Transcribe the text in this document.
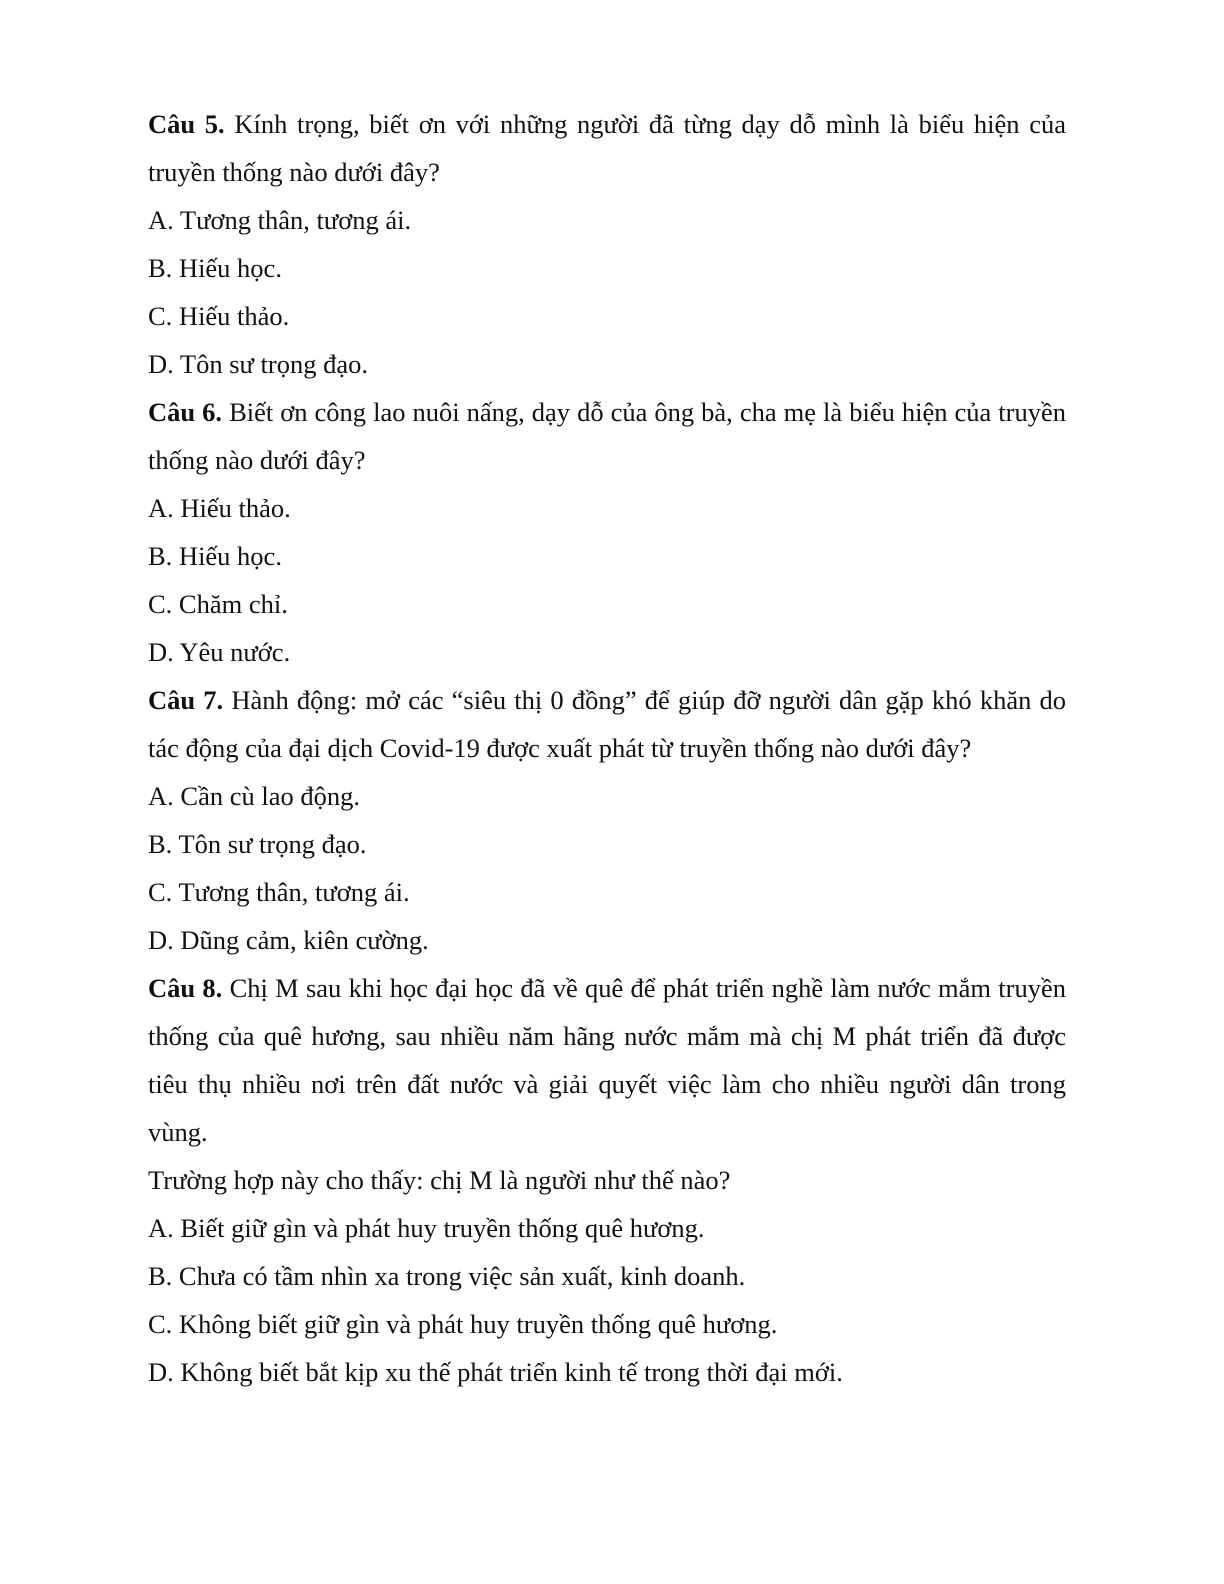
Câu 5. Kính trọng, biết ơn với những người đã từng dạy dỗ mình là biểu hiện của truyền thống nào dưới đây?
A. Tương thân, tương ái.
B. Hiếu học.
C. Hiếu thảo.
D. Tôn sư trọng đạo.
Câu 6. Biết ơn công lao nuôi nấng, dạy dỗ của ông bà, cha mẹ là biểu hiện của truyền thống nào dưới đây?
A. Hiếu thảo.
B. Hiếu học.
C. Chăm chỉ.
D. Yêu nước.
Câu 7. Hành động: mở các “siêu thị 0 đồng” để giúp đỡ người dân gặp khó khăn do tác động của đại dịch Covid-19 được xuất phát từ truyền thống nào dưới đây?
A. Cần cù lao động.
B. Tôn sư trọng đạo.
C. Tương thân, tương ái.
D. Dũng cảm, kiên cường.
Câu 8. Chị M sau khi học đại học đã về quê để phát triển nghề làm nước mắm truyền thống của quê hương, sau nhiều năm hãng nước mắm mà chị M phát triển đã được tiêu thụ nhiều nơi trên đất nước và giải quyết việc làm cho nhiều người dân trong vùng.
Trường hợp này cho thấy: chị M là người như thế nào?
A. Biết giữ gìn và phát huy truyền thống quê hương.
B. Chưa có tầm nhìn xa trong việc sản xuất, kinh doanh.
C. Không biết giữ gìn và phát huy truyền thống quê hương.
D. Không biết bắt kịp xu thế phát triển kinh tế trong thời đại mới.
